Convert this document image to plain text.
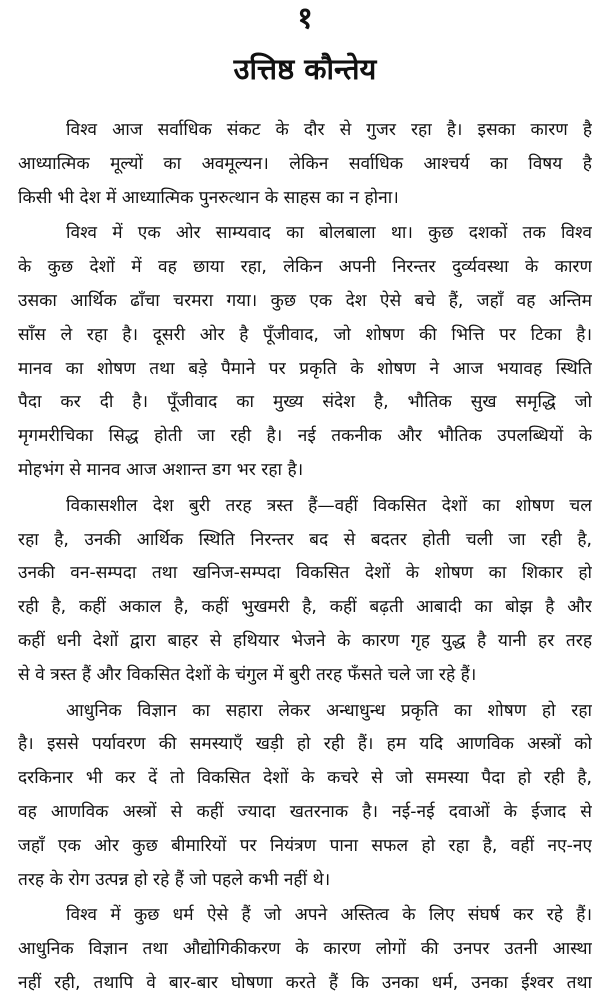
१
उत्तिष्ठ कौन्तेय

विश्व आज सर्वाधिक संकट के दौर से गुजर रहा है। इसका कारण है
आध्यात्मिक मूल्यों का अवमूल्यन। लेकिन सर्वाधिक आश्चर्य का विषय है
किसी भी देश में आध्यात्मिक पुनरुत्थान के साहस का न होना।

विश्व में एक ओर साम्यवाद का बोलबाला था। कुछ दशकों तक विश्व
के कुछ देशों में वह छाया रहा, लेकिन अपनी निरन्तर दुर्व्यवस्था के कारण
उसका आर्थिक ढाँचा चरमरा गया। कुछ एक देश ऐसे बचे हैं, जहाँ वह अन्तिम
साँस ले रहा है। दूसरी ओर है पूँजीवाद, जो शोषण की भित्ति पर टिका है।
मानव का शोषण तथा बड़े पैमाने पर प्रकृति के शोषण ने आज भयावह स्थिति
पैदा कर दी है। पूँजीवाद का मुख्य संदेश है, भौतिक सुख समृद्धि जो
मृगमरीचिका सिद्ध होती जा रही है। नई तकनीक और भौतिक उपलब्धियों के
मोहभंग से मानव आज अशान्त डग भर रहा है।

विकासशील देश बुरी तरह त्रस्त हैं—वहीं विकसित देशों का शोषण चल
रहा है, उनकी आर्थिक स्थिति निरन्तर बद से बदतर होती चली जा रही है,
उनकी वन-सम्पदा तथा खनिज-सम्पदा विकसित देशों के शोषण का शिकार हो
रही है, कहीं अकाल है, कहीं भुखमरी है, कहीं बढ़ती आबादी का बोझ है और
कहीं धनी देशों द्वारा बाहर से हथियार भेजने के कारण गृह युद्ध है यानी हर तरह
से वे त्रस्त हैं और विकसित देशों के चंगुल में बुरी तरह फँसते चले जा रहे हैं।

आधुनिक विज्ञान का सहारा लेकर अन्धाधुन्ध प्रकृति का शोषण हो रहा
है। इससे पर्यावरण की समस्याएँ खड़ी हो रही हैं। हम यदि आणविक अस्त्रों को
दरकिनार भी कर दें तो विकसित देशों के कचरे से जो समस्या पैदा हो रही है,
वह आणविक अस्त्रों से कहीं ज्यादा खतरनाक है। नई-नई दवाओं के ईजाद से
जहाँ एक ओर कुछ बीमारियों पर नियंत्रण पाना सफल हो रहा है, वहीं नए-नए
तरह के रोग उत्पन्न हो रहे हैं जो पहले कभी नहीं थे।

विश्व में कुछ धर्म ऐसे हैं जो अपने अस्तित्व के लिए संघर्ष कर रहे हैं।
आधुनिक विज्ञान तथा औद्योगिकीकरण के कारण लोगों की उनपर उतनी आस्था
नहीं रही, तथापि वे बार-बार घोषणा करते हैं कि उनका धर्म, उनका ईश्वर तथा
